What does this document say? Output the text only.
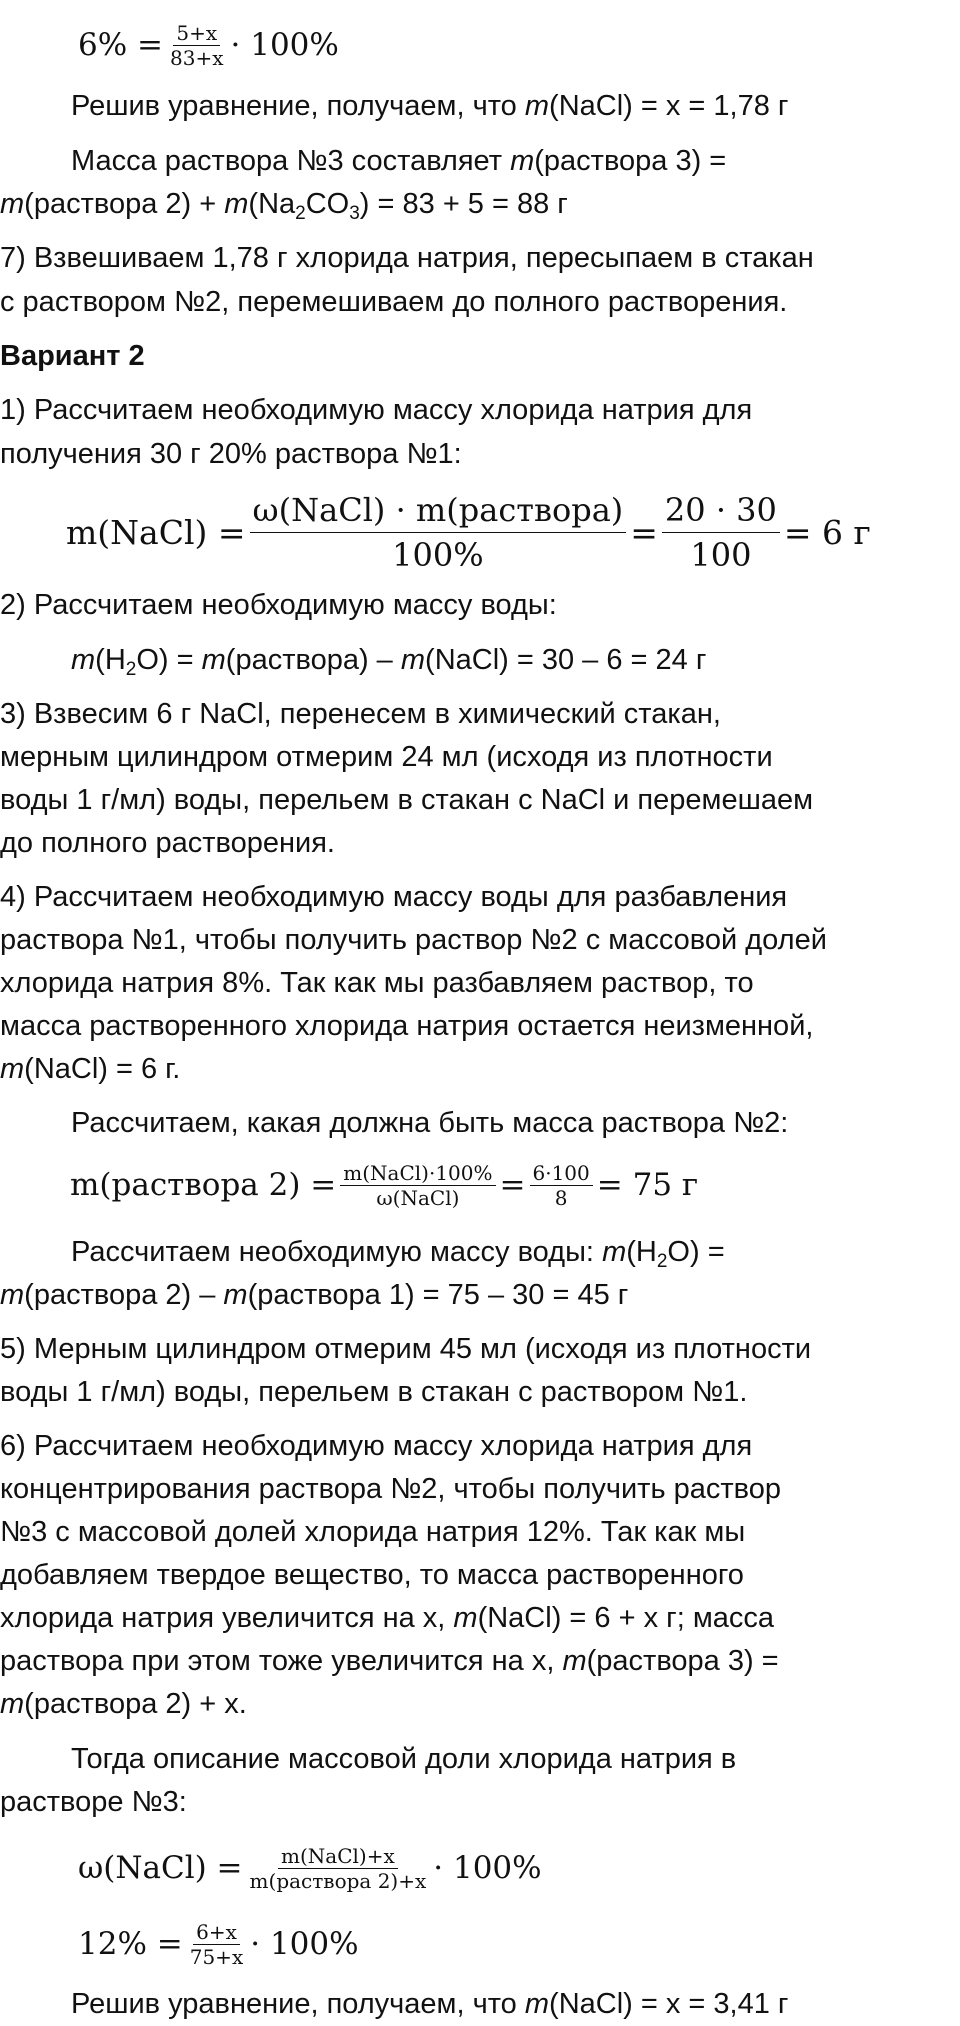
$6\% = \frac{5+x}{83+x} \cdot 100\%$
Решив уравнение, получаем, что m(NaCl) = x = 1,78 г
Масса раствора №3 составляет m(раствора 3) =
m(раствора $2) + m(Na_2CO_3) = 83 + 5 = 88$ г
7) Взвешиваем 1,78 г хлорида натрия, пересыпаем в стакан
с раствором №2, перемешиваем до полного растворения.
Вариант 2
1) Рассчитаем необходимую массу хлорида натрия для
получения 30 г 20% раствора №1:
m(NaCl) =
ω(NaCl) · m(раствора)
100%
= $\frac{20 \cdot 30}{100} = 6$ г
2) Рассчитаем необходимую массу воды:
$m(H_2O)$ = m(раствора) – m(NaCl) = 30 – 6 = 24 г
3) Взвесим 6 г NaCl, перенесем в химический стакан,
мерным цилиндром отмерим 24 мл (исходя из плотности
воды 1 г/мл) воды, перельем в стакан с NaCl и перемешаем
до полного растворения.
4) Рассчитаем необходимую массу воды для разбавления
раствора №1, чтобы получить раствор №2 с массовой долей
хлорида натрия 8%. Так как мы разбавляем раствор, то
масса растворенного хлорида натрия остается неизменной,
m(NaCl) = 6 г.
Рассчитаем, какая должна быть масса раствора №2:
m(раствора 2) = m(NaCl)·100%
ω(NaCl) = $\frac{6\cdot 100}{8} = 75$ г
Рассчитаем необходимую массу воды: $m(H_2O)$ =
m(раствора 2) – m(раствора 1) = 75 – 30 = 45 г
5) Мерным цилиндром отмерим 45 мл (исходя из плотности
воды 1 г/мл) воды, перельем в стакан с раствором №1.
6) Рассчитаем необходимую массу хлорида натрия для
концентрирования раствора №2, чтобы получить раствор
№3 с массовой долей хлорида натрия 12%. Так как мы
добавляем твердое вещество, то масса растворенного
хлорида натрия увеличится на x, m(NaCl) = 6 + x г; масса
раствора при этом тоже увеличится на x, m(раствора 3) =
m(раствора 2) + x.
Тогда описание массовой доли хлорида натрия в
растворе №3:
ω(NaCl) = m(NaCl)+x
m(раствора 2)+x · 100%
$12\% = \frac{6+x}{75+x} \cdot 100\%$
Решив уравнение, получаем, что m(NaCl) = x = 3,41 г
